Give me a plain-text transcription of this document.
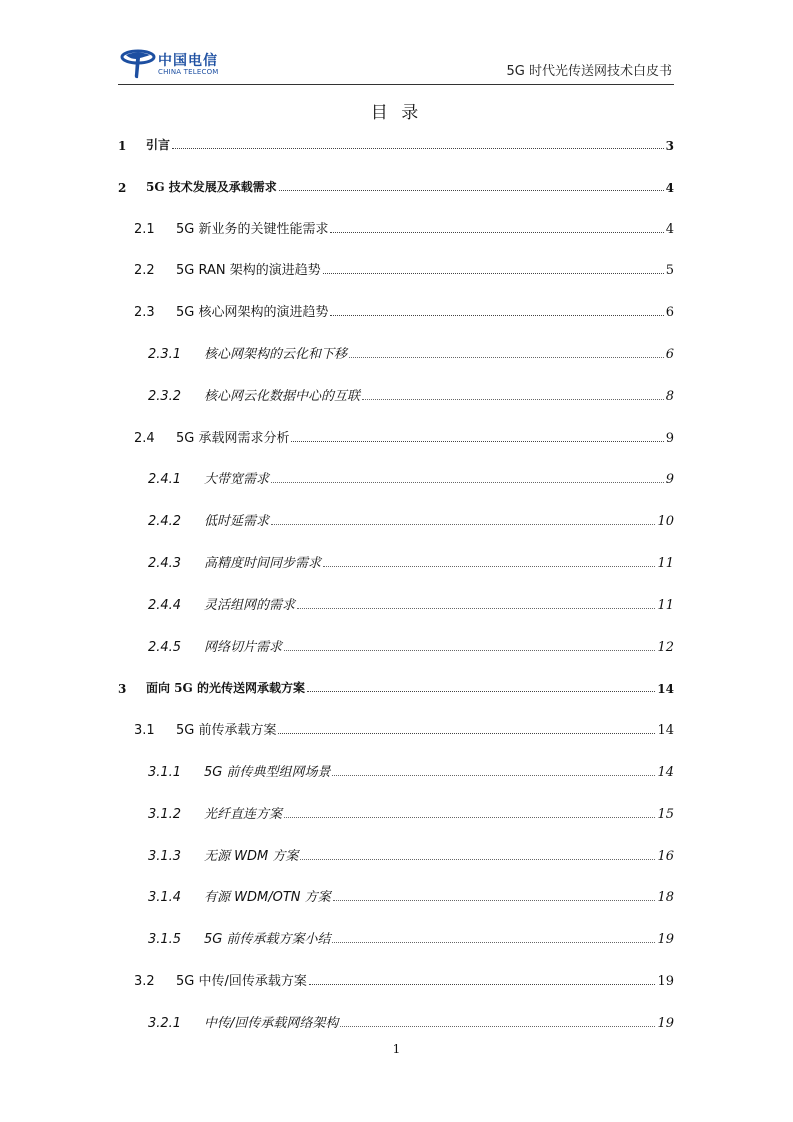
中国电信
CHINA TELECOM	5G 时代光传送网技术白皮书
目 录
1	引言	3
2	5G 技术发展及承载需求	4
2.1	5G 新业务的关键性能需求	4
2.2	5G RAN 架构的演进趋势	5
2.3	5G 核心网架构的演进趋势	6
2.3.1	核心网架构的云化和下移	6
2.3.2	核心网云化数据中心的互联	8
2.4	5G 承载网需求分析	9
2.4.1	大带宽需求	9
2.4.2	低时延需求	10
2.4.3	高精度时间同步需求	11
2.4.4	灵活组网的需求	11
2.4.5	网络切片需求	12
3	面向 5G 的光传送网承载方案	14
3.1	5G 前传承载方案	14
3.1.1	5G 前传典型组网场景	14
3.1.2	光纤直连方案	15
3.1.3	无源 WDM 方案	16
3.1.4	有源 WDM/OTN 方案	18
3.1.5	5G 前传承载方案小结	19
3.2	5G 中传/回传承载方案	19
3.2.1	中传/回传承载网络架构	19
1
